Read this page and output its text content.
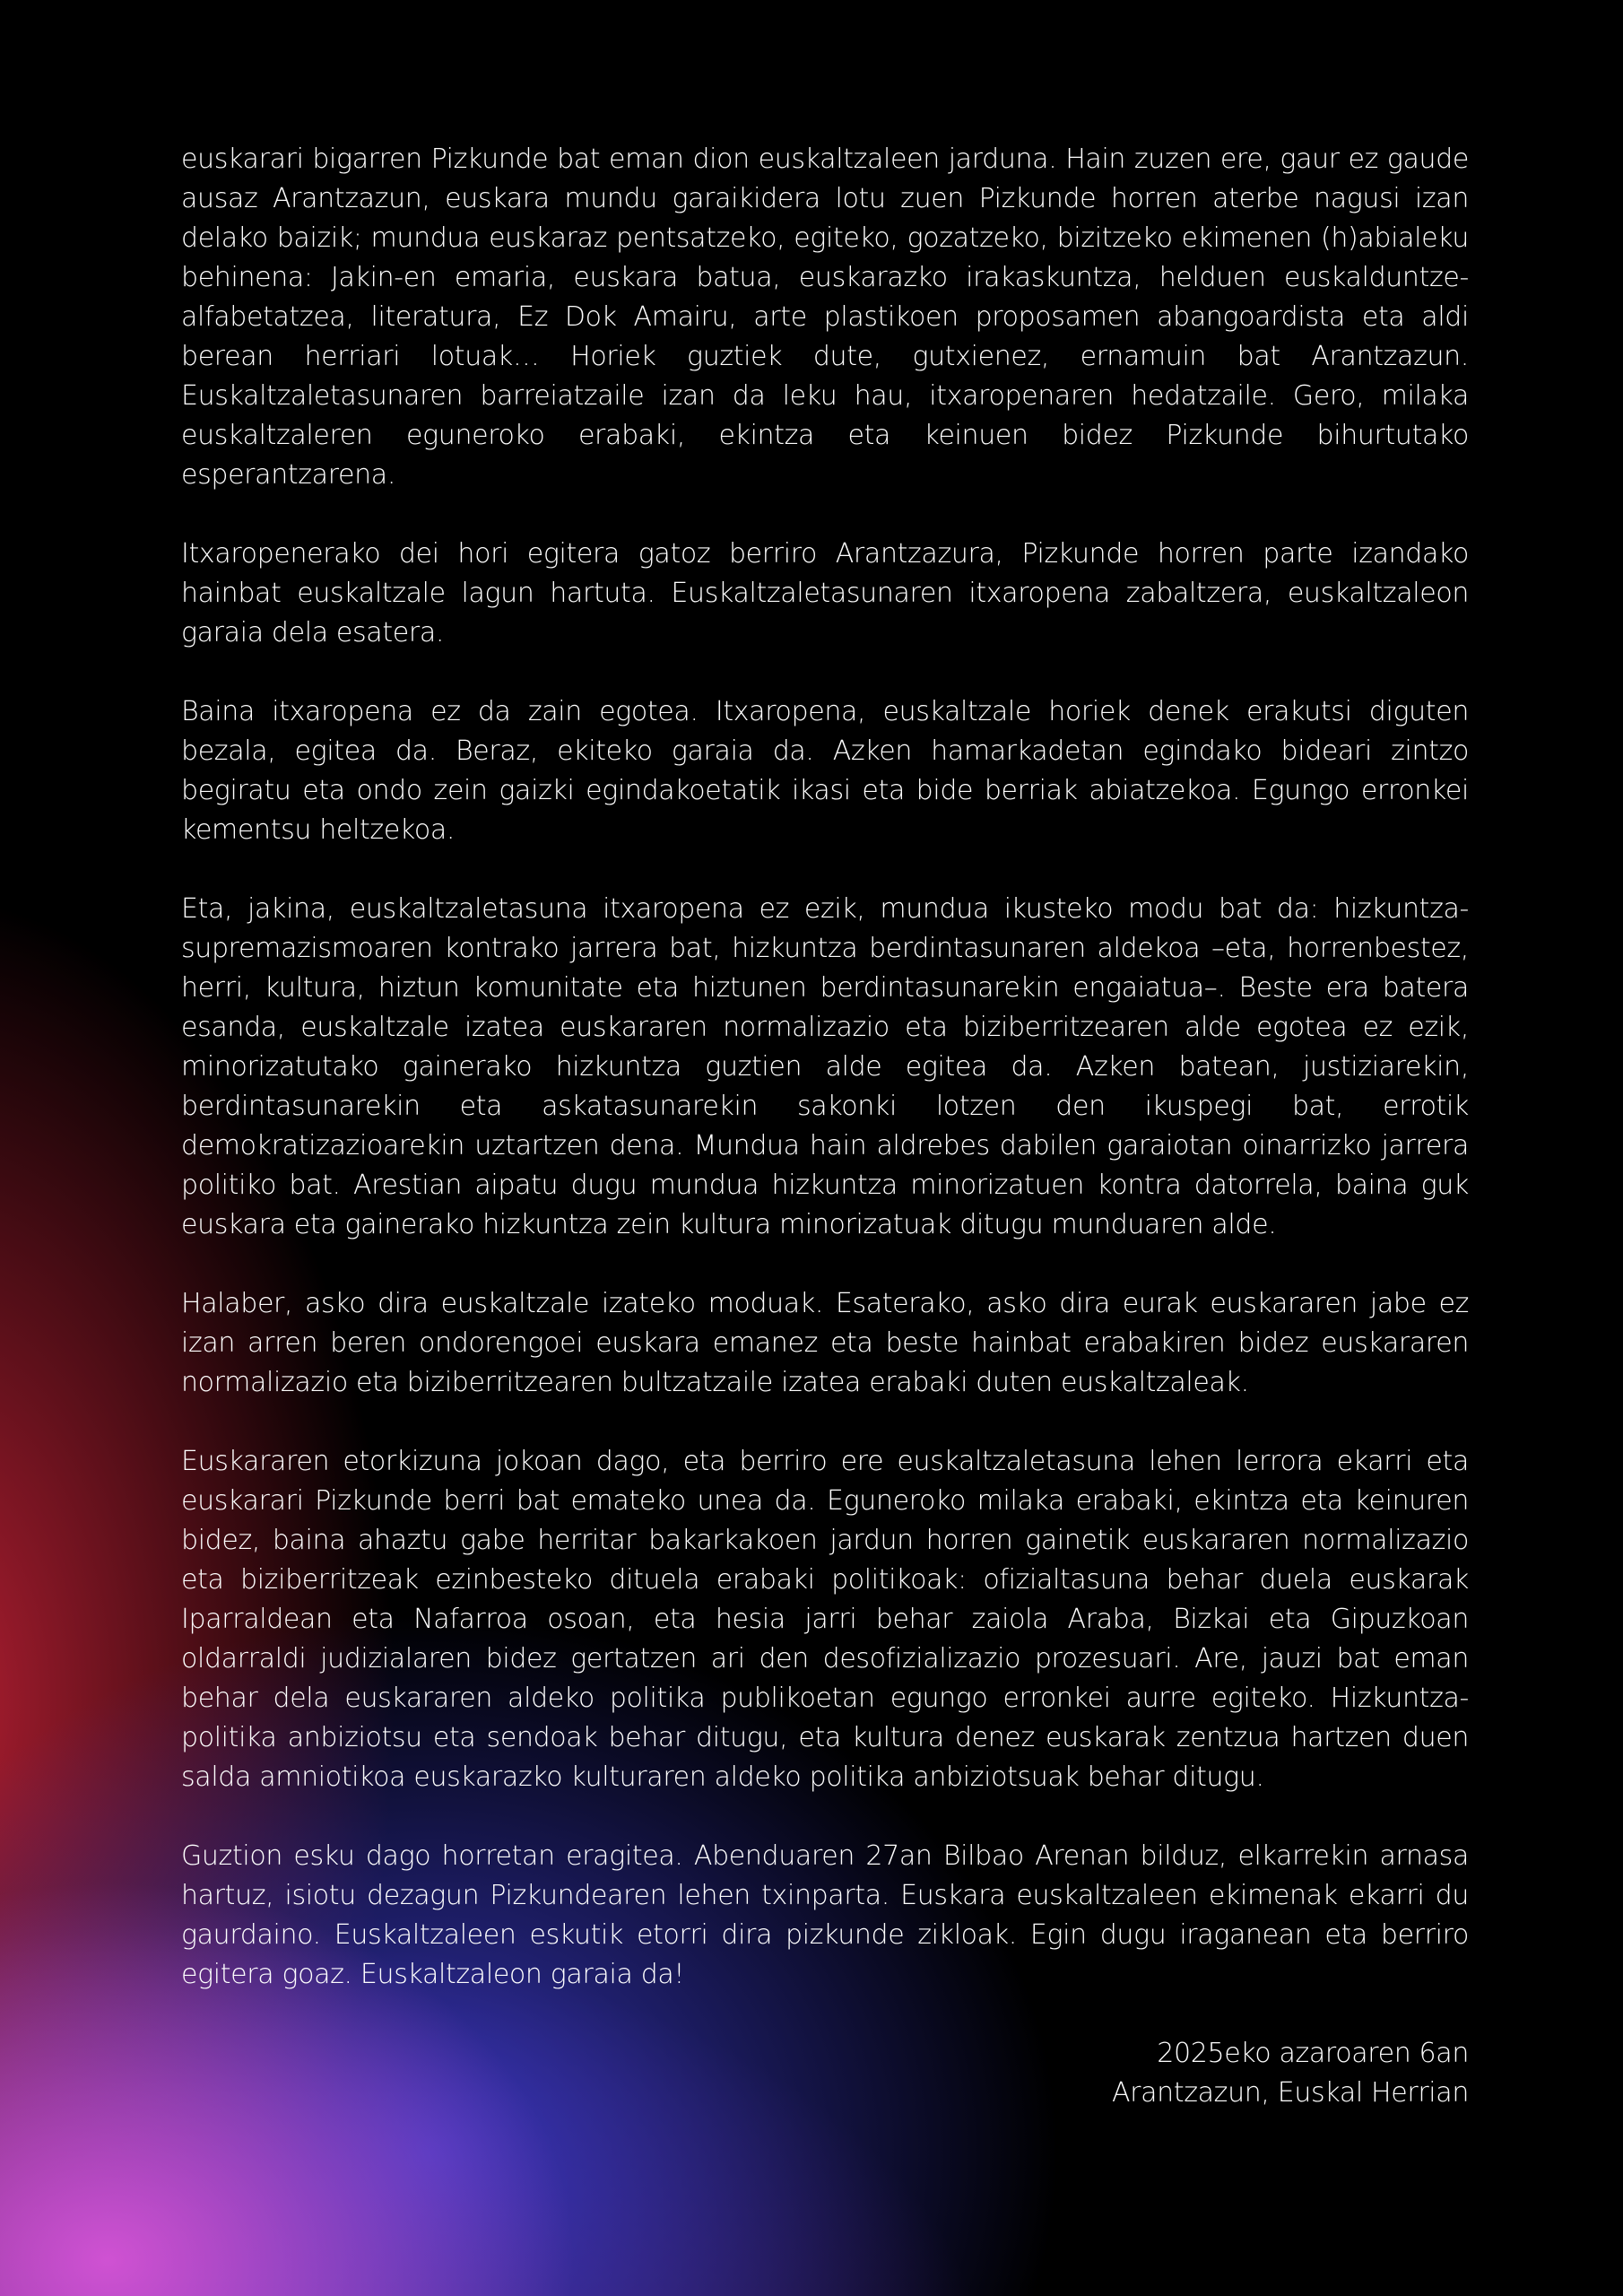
euskarari bigarren Pizkunde bat eman dion euskaltzaleen jarduna. Hain zuzen ere, gaur ez gaude ausaz Arantzazun, euskara mundu garaikidera lotu zuen Pizkunde horren aterbe nagusi izan delako baizik; mundua euskaraz pentsatzeko, egiteko, gozatzeko, bizitzeko ekimenen (h)abialeku behinena: Jakin-en emaria, euskara batua, euskarazko irakaskuntza, helduen euskalduntze-alfabetatzea, literatura, Ez Dok Amairu, arte plastikoen proposamen abangoardista eta aldi berean herriari lotuak… Horiek guztiek dute, gutxienez, ernamuin bat Arantzazun. Euskaltzaletasunaren barreiatzaile izan da leku hau, itxaropenaren hedatzaile. Gero, milaka euskaltzaleren eguneroko erabaki, ekintza eta keinuen bidez Pizkunde bihurtutako esperantzarena.

Itxaropenerako dei hori egitera gatoz berriro Arantzazura, Pizkunde horren parte izandako hainbat euskaltzale lagun hartuta. Euskaltzaletasunaren itxaropena zabaltzera, euskaltzaleon garaia dela esatera.

Baina itxaropena ez da zain egotea. Itxaropena, euskaltzale horiek denek erakutsi diguten bezala, egitea da. Beraz, ekiteko garaia da. Azken hamarkadetan egindako bideari zintzo begiratu eta ondo zein gaizki egindakoetatik ikasi eta bide berriak abiatzekoa. Egungo erronkei kementsu heltzekoa.

Eta, jakina, euskaltzaletasuna itxaropena ez ezik, mundua ikusteko modu bat da: hizkuntza-supremazismoaren kontrako jarrera bat, hizkuntza berdintasunaren aldekoa –eta, horrenbestez, herri, kultura, hiztun komunitate eta hiztunen berdintasunarekin engaiatua–. Beste era batera esanda, euskaltzale izatea euskararen normalizazio eta biziberritzearen alde egotea ez ezik, minorizatutako gainerako hizkuntza guztien alde egitea da. Azken batean, justiziarekin, berdintasunarekin eta askatasunarekin sakonki lotzen den ikuspegi bat, errotik demokratizazioarekin uztartzen dena. Mundua hain aldrebes dabilen garaiotan oinarrizko jarrera politiko bat. Arestian aipatu dugu mundua hizkuntza minorizatuen kontra datorrela, baina guk euskara eta gainerako hizkuntza zein kultura minorizatuak ditugu munduaren alde.

Halaber, asko dira euskaltzale izateko moduak. Esaterako, asko dira eurak euskararen jabe ez izan arren beren ondorengoei euskara emanez eta beste hainbat erabakiren bidez euskararen normalizazio eta biziberritzearen bultzatzaile izatea erabaki duten euskaltzaleak.

Euskararen etorkizuna jokoan dago, eta berriro ere euskaltzaletasuna lehen lerrora ekarri eta euskarari Pizkunde berri bat emateko unea da. Eguneroko milaka erabaki, ekintza eta keinuren bidez, baina ahaztu gabe herritar bakarkakoen jardun horren gainetik euskararen normalizazio eta biziberritzeak ezinbesteko dituela erabaki politikoak: ofizialtasuna behar duela euskarak Iparraldean eta Nafarroa osoan, eta hesia jarri behar zaiola Araba, Bizkai eta Gipuzkoan oldarraldi judizialaren bidez gertatzen ari den desofizializazio prozesuari. Are, jauzi bat eman behar dela euskararen aldeko politika publikoetan egungo erronkei aurre egiteko. Hizkuntza-politika anbiziotsu eta sendoak behar ditugu, eta kultura denez euskarak zentzua hartzen duen salda amniotikoa euskarazko kulturaren aldeko politika anbiziotsuak behar ditugu.

Guztion esku dago horretan eragitea. Abenduaren 27an Bilbao Arenan bilduz, elkarrekin arnasa hartuz, isiotu dezagun Pizkundearen lehen txinparta. Euskara euskaltzaleen ekimenak ekarri du gaurdaino. Euskaltzaleen eskutik etorri dira pizkunde zikloak. Egin dugu iraganean eta berriro egitera goaz. Euskaltzaleon garaia da!

2025eko azaroaren 6an
Arantzazun, Euskal Herrian
